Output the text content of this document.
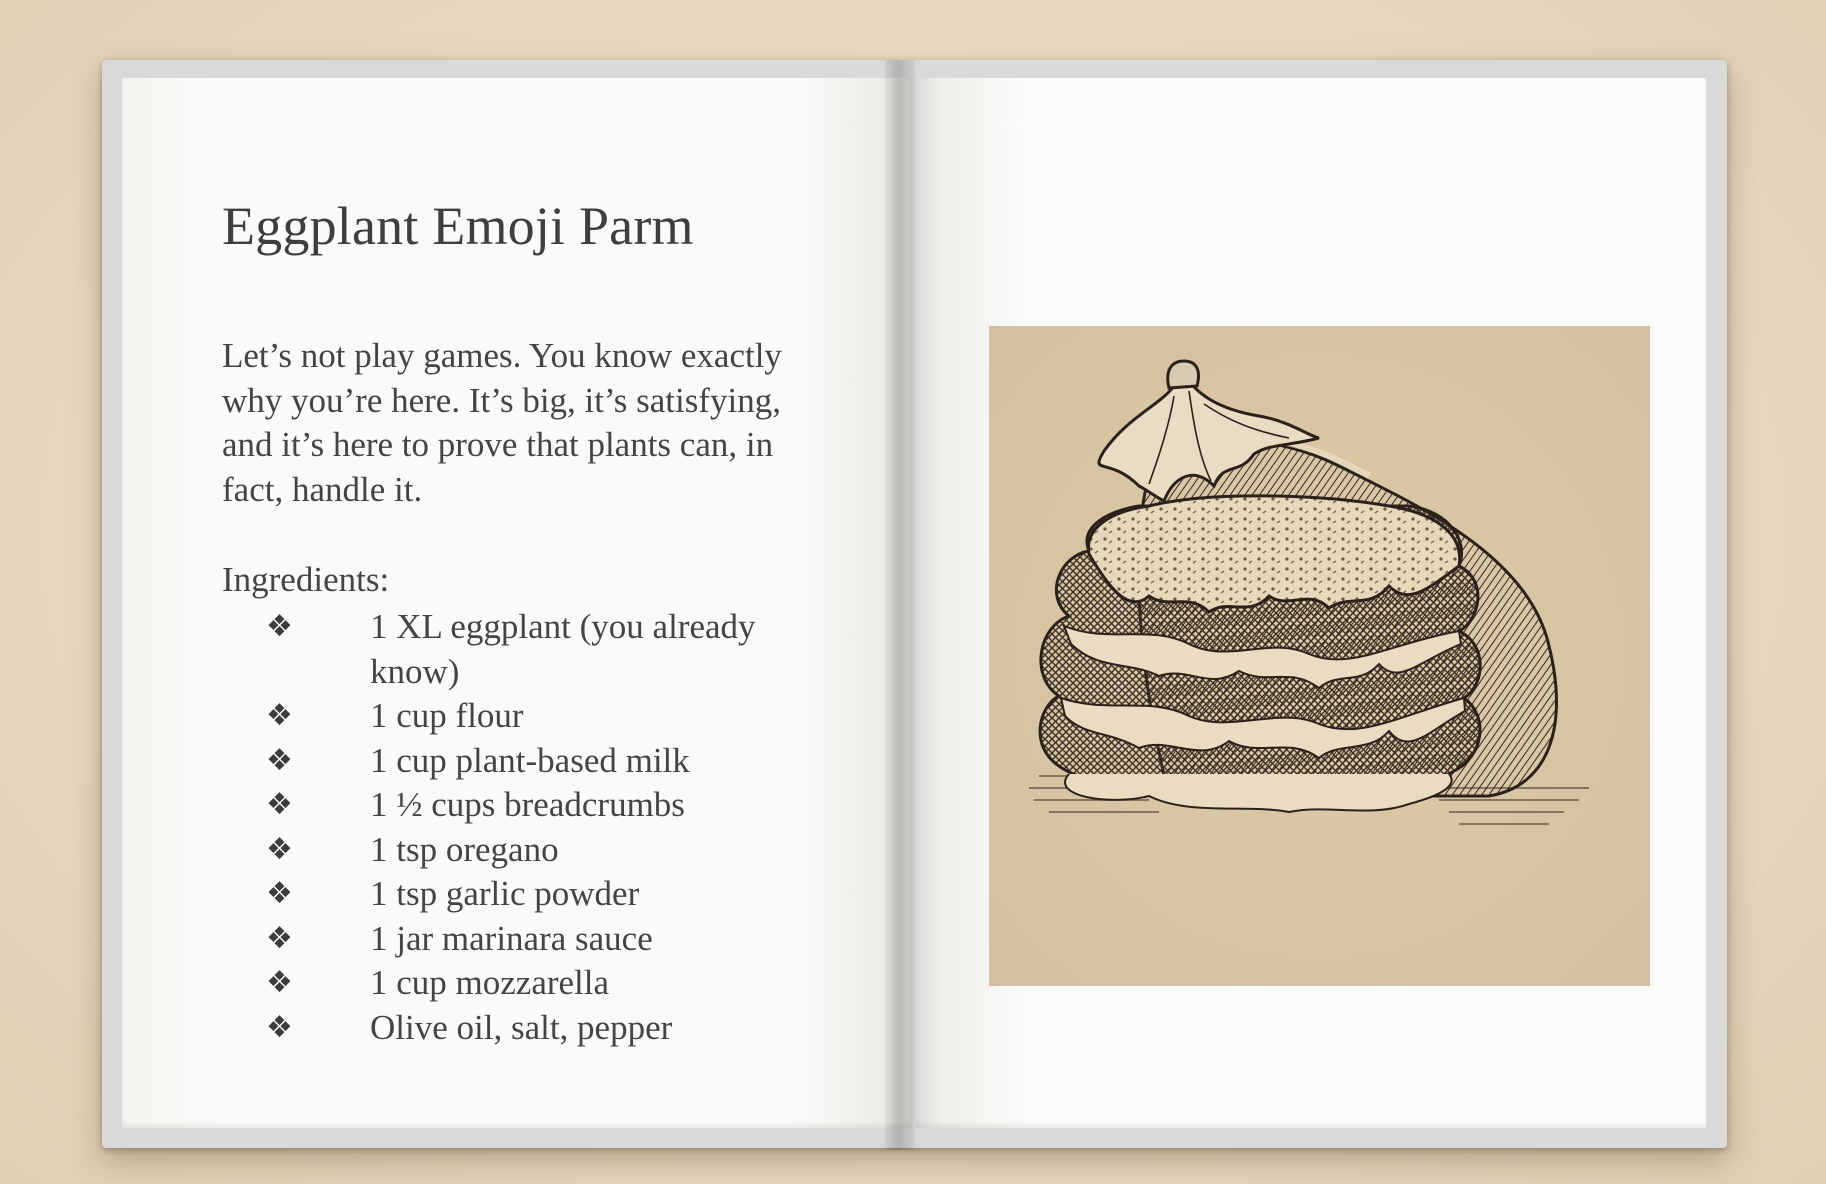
Eggplant Emoji Parm

Let’s not play games. You know exactly why you’re here. It’s big, it’s satisfying, and it’s here to prove that plants can, in fact, handle it.

Ingredients:

❖	1 XL eggplant (you already know)
❖	1 cup flour
❖	1 cup plant-based milk
❖	1 ½ cups breadcrumbs
❖	1 tsp oregano
❖	1 tsp garlic powder
❖	1 jar marinara sauce
❖	1 cup mozzarella
❖	Olive oil, salt, pepper
